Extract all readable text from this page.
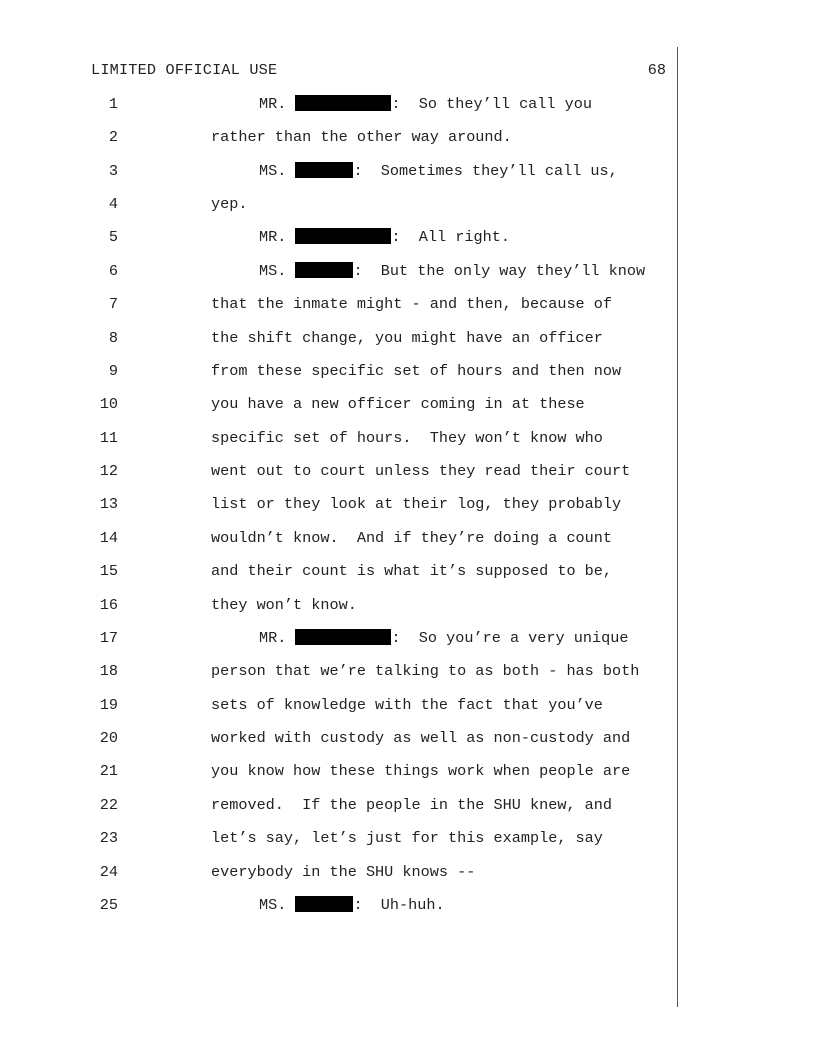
LIMITED OFFICIAL USE	68
1	MR.	:  So they’ll call you
2	rather than the other way around.
3	MS.	:  Sometimes they’ll call us,
4	yep.
5	MR.	:  All right.
6	MS.	:  But the only way they’ll know
7	that the inmate might - and then, because of
8	the shift change, you might have an officer
9	from these specific set of hours and then now
10	you have a new officer coming in at these
11	specific set of hours.  They won’t know who
12	went out to court unless they read their court
13	list or they look at their log, they probably
14	wouldn’t know.  And if they’re doing a count
15	and their count is what it’s supposed to be,
16	they won’t know.
17	MR.	:  So you’re a very unique
18	person that we’re talking to as both - has both
19	sets of knowledge with the fact that you’ve
20	worked with custody as well as non-custody and
21	you know how these things work when people are
22	removed.  If the people in the SHU knew, and
23	let’s say, let’s just for this example, say
24	everybody in the SHU knows --
25	MS.	:  Uh-huh.
